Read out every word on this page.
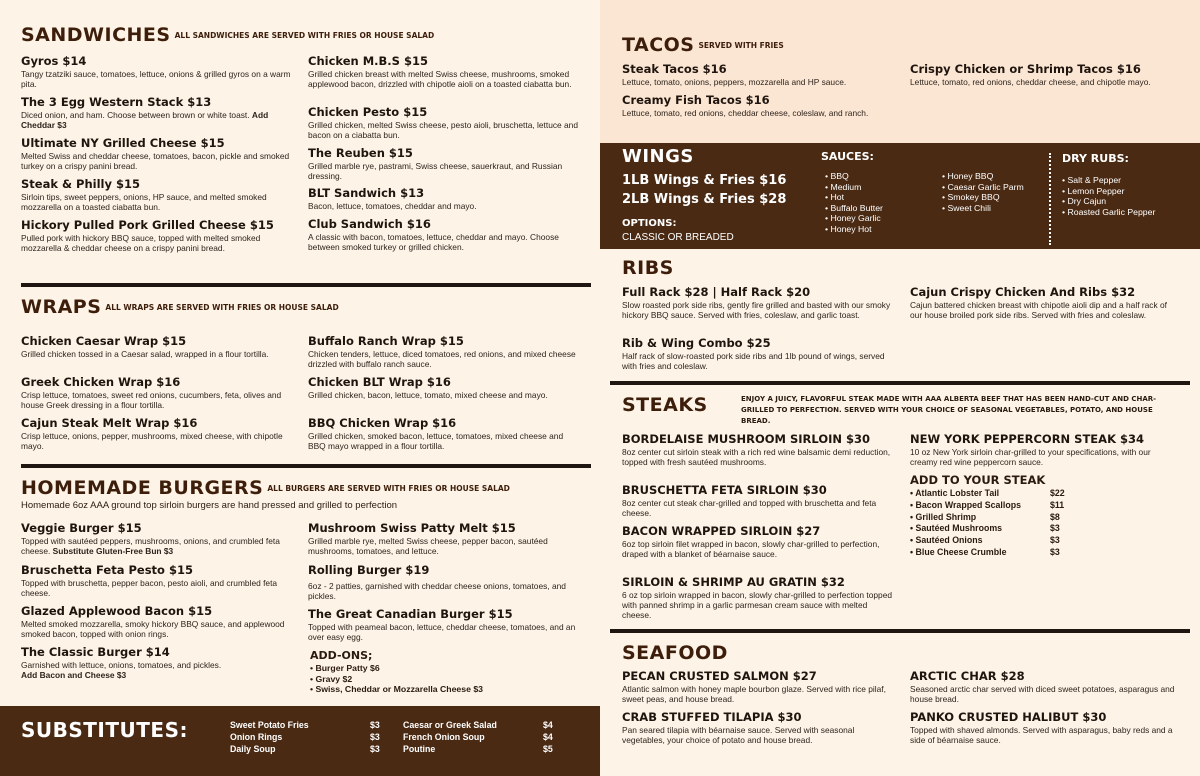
SANDWICHES ALL SANDWICHES ARE SERVED WITH FRIES OR HOUSE SALAD
Gyros $14
Tangy tzatziki sauce, tomatoes, lettuce, onions & grilled gyros on a warm pita.
The 3 Egg Western Stack $13
Diced onion, and ham. Choose between brown or white toast. Add Cheddar $3
Ultimate NY Grilled Cheese $15
Melted Swiss and cheddar cheese, tomatoes, bacon, pickle and smoked turkey on a crispy panini bread.
Steak & Philly $15
Sirloin tips, sweet peppers, onions, HP sauce, and melted smoked mozzarella on a toasted ciabatta bun.
Hickory Pulled Pork Grilled Cheese $15
Pulled pork with hickory BBQ sauce, topped with melted smoked mozzarella & cheddar cheese on a crispy panini bread.
Chicken M.B.S $15
Grilled chicken breast with melted Swiss cheese, mushrooms, smoked applewood bacon, drizzled with chipotle aioli on a toasted ciabatta bun.
Chicken Pesto $15
Grilled chicken, melted Swiss cheese, pesto aioli, bruschetta, lettuce and bacon on a ciabatta bun.
The Reuben $15
Grilled marble rye, pastrami, Swiss cheese, sauerkraut, and Russian dressing.
BLT Sandwich $13
Bacon, lettuce, tomatoes, cheddar and mayo.
Club Sandwich $16
A classic with bacon, tomatoes, lettuce, cheddar and mayo. Choose between smoked turkey or grilled chicken.
WRAPS ALL WRAPS ARE SERVED WITH FRIES OR HOUSE SALAD
Chicken Caesar Wrap $15
Grilled chicken tossed in a Caesar salad, wrapped in a flour tortilla.
Greek Chicken Wrap $16
Crisp lettuce, tomatoes, sweet red onions, cucumbers, feta, olives and house Greek dressing in a flour tortilla.
Cajun Steak Melt Wrap $16
Crisp lettuce, onions, pepper, mushrooms, mixed cheese, with chipotle mayo.
Buffalo Ranch Wrap $15
Chicken tenders, lettuce, diced tomatoes, red onions, and mixed cheese drizzled with buffalo ranch sauce.
Chicken BLT Wrap $16
Grilled chicken, bacon, lettuce, tomato, mixed cheese and mayo.
BBQ Chicken Wrap $16
Grilled chicken, smoked bacon, lettuce, tomatoes, mixed cheese and BBQ mayo wrapped in a flour tortilla.
HOMEMADE BURGERS ALL BURGERS ARE SERVED WITH FRIES OR HOUSE SALAD
Homemade 6oz AAA ground top sirloin burgers are hand pressed and grilled to perfection
Veggie Burger $15
Topped with sautéed peppers, mushrooms, onions, and crumbled feta cheese. Substitute Gluten-Free Bun $3
Bruschetta Feta Pesto $15
Topped with bruschetta, pepper bacon, pesto aioli, and crumbled feta cheese.
Glazed Applewood Bacon $15
Melted smoked mozzarella, smoky hickory BBQ sauce, and applewood smoked bacon, topped with onion rings.
The Classic Burger $14
Garnished with lettuce, onions, tomatoes, and pickles.
Add Bacon and Cheese $3
Mushroom Swiss Patty Melt $15
Grilled marble rye, melted Swiss cheese, pepper bacon, sautéed mushrooms, tomatoes, and lettuce.
Rolling Burger $19
6oz - 2 patties, garnished with cheddar cheese onions, tomatoes, and pickles.
The Great Canadian Burger $15
Topped with peameal bacon, lettuce, cheddar cheese, tomatoes, and an over easy egg.
ADD-ONS;
• Burger Patty $6
• Gravy $2
• Swiss, Cheddar or Mozzarella Cheese $3
SUBSTITUTES:	Sweet Potato Fries	$3
Onion Rings	$3
Daily Soup	$3
Caesar or Greek Salad	$4
French Onion Soup	$4
Poutine	$5
TACOS SERVED WITH FRIES
Steak Tacos $16
Lettuce, tomato, onions, peppers, mozzarella and HP sauce.
Creamy Fish Tacos $16
Lettuce, tomato, red onions, cheddar cheese, coleslaw, and ranch.
Crispy Chicken or Shrimp Tacos $16
Lettuce, tomato, red onions, cheddar cheese, and chipotle mayo.
WINGS
1LB Wings & Fries $16
2LB Wings & Fries $28
OPTIONS:
CLASSIC OR BREADED
SAUCES:
• BBQ
• Medium
• Hot
• Buffalo Butter
• Honey Garlic
• Honey Hot
• Honey BBQ
• Caesar Garlic Parm
• Smokey BBQ
• Sweet Chili
DRY RUBS:
• Salt & Pepper
• Lemon Pepper
• Dry Cajun
• Roasted Garlic Pepper
RIBS
Full Rack $28 | Half Rack $20
Slow roasted pork side ribs, gently fire grilled and basted with our smoky hickory BBQ sauce. Served with fries, coleslaw, and garlic toast.
Rib & Wing Combo $25
Half rack of slow-roasted pork side ribs and 1lb pound of wings, served with fries and coleslaw.
Cajun Crispy Chicken And Ribs $32
Cajun battered chicken breast with chipotle aioli dip and a half rack of our house broiled pork side ribs. Served with fries and coleslaw.
STEAKS	ENJOY A JUICY, FLAVORFUL STEAK MADE WITH AAA ALBERTA BEEF THAT HAS BEEN HAND-CUT AND CHAR-GRILLED TO PERFECTION. SERVED WITH YOUR CHOICE OF SEASONAL VEGETABLES, POTATO, AND HOUSE BREAD.
BORDELAISE MUSHROOM SIRLOIN $30
8oz center cut sirloin steak with a rich red wine balsamic demi reduction, topped with fresh sautéed mushrooms.
BRUSCHETTA FETA SIRLOIN $30
8oz center cut steak char-grilled and topped with bruschetta and feta cheese.
BACON WRAPPED SIRLOIN $27
6oz top sirloin filet wrapped in bacon, slowly char-grilled to perfection, draped with a blanket of béarnaise sauce.
SIRLOIN & SHRIMP AU GRATIN $32
6 oz top sirloin wrapped in bacon, slowly char-grilled to perfection topped with panned shrimp in a garlic parmesan cream sauce with melted cheese.
NEW YORK PEPPERCORN STEAK $34
10 oz New York sirloin char-grilled to your specifications, with our creamy red wine peppercorn sauce.
ADD TO YOUR STEAK
• Atlantic Lobster Tail	$22
• Bacon Wrapped Scallops	$11
• Grilled Shrimp	$8
• Sautéed Mushrooms	$3
• Sautéed Onions	$3
• Blue Cheese Crumble	$3
SEAFOOD
PECAN CRUSTED SALMON $27
Atlantic salmon with honey maple bourbon glaze. Served with rice pilaf, sweet peas, and house bread.
CRAB STUFFED TILAPIA $30
Pan seared tilapia with béarnaise sauce. Served with seasonal vegetables, your choice of potato and house bread.
ARCTIC CHAR $28
Seasoned arctic char served with diced sweet potatoes, asparagus and house bread.
PANKO CRUSTED HALIBUT $30
Topped with shaved almonds. Served with asparagus, baby reds and a side of béarnaise sauce.
